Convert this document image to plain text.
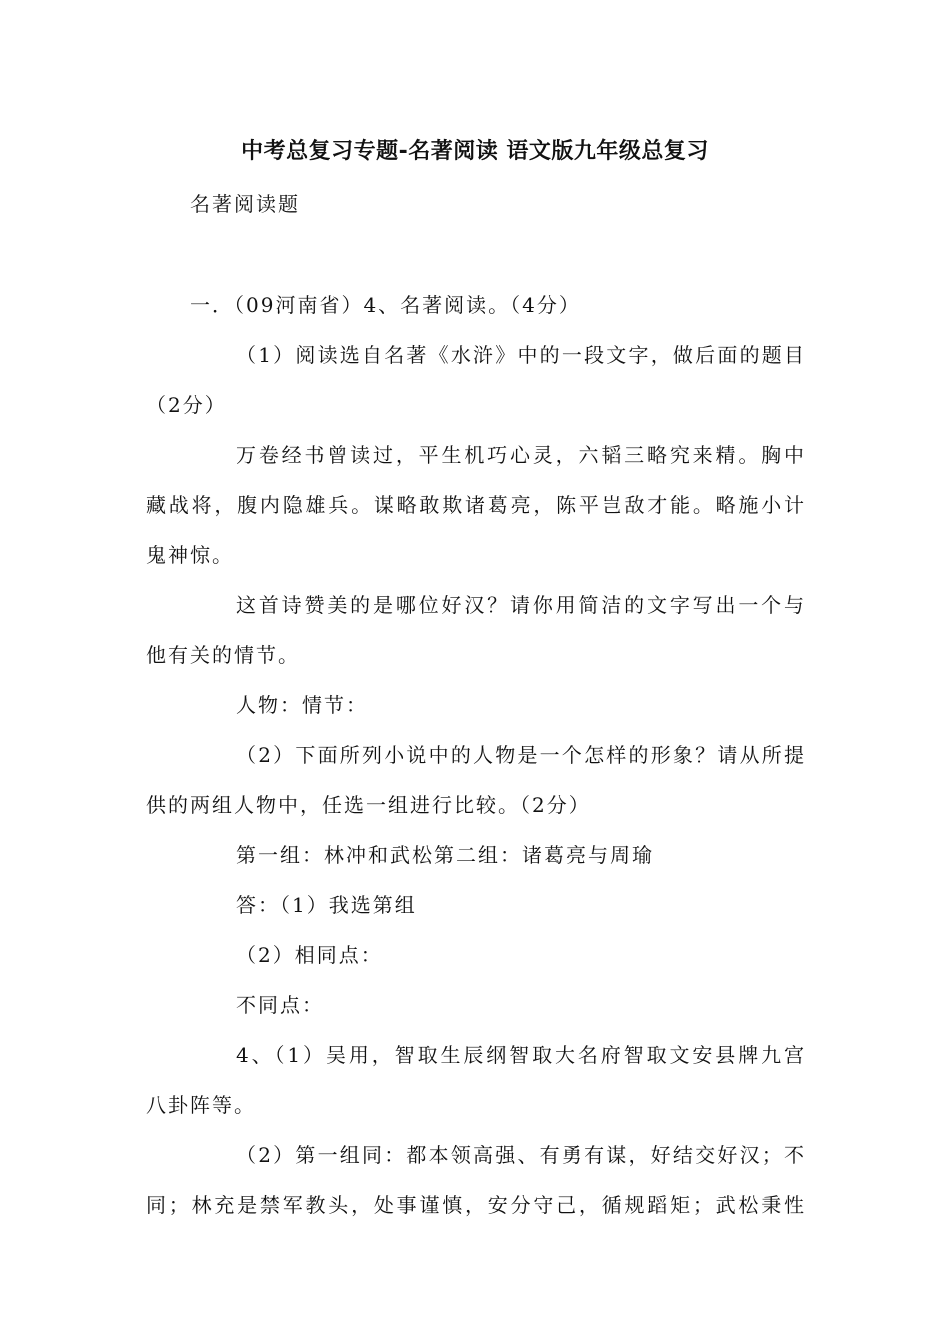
中考总复习专题-名著阅读 语文版九年级总复习
名著阅读题
一．（09河南省）4、名著阅读。（4分）
（1）阅读选自名著《水浒》中的一段文字，做后面的题目
（2分）
万卷经书曾读过，平生机巧心灵，六韬三略究来精。胸中
藏战将，腹内隐雄兵。谋略敢欺诸葛亮，陈平岂敌才能。略施小计
鬼神惊。
这首诗赞美的是哪位好汉？请你用简洁的文字写出一个与
他有关的情节。
人物：情节：
（2）下面所列小说中的人物是一个怎样的形象？请从所提
供的两组人物中，任选一组进行比较。（2分）
第一组：林冲和武松第二组：诸葛亮与周瑜
答：（1）我选第组
（2）相同点：
不同点：
4、（1）吴用，智取生辰纲智取大名府智取文安县牌九宫
八卦阵等。
（2）第一组同：都本领高强、有勇有谋，好结交好汉；不
同；林充是禁军教头，处事谨慎，安分守己，循规蹈矩；武松秉性
